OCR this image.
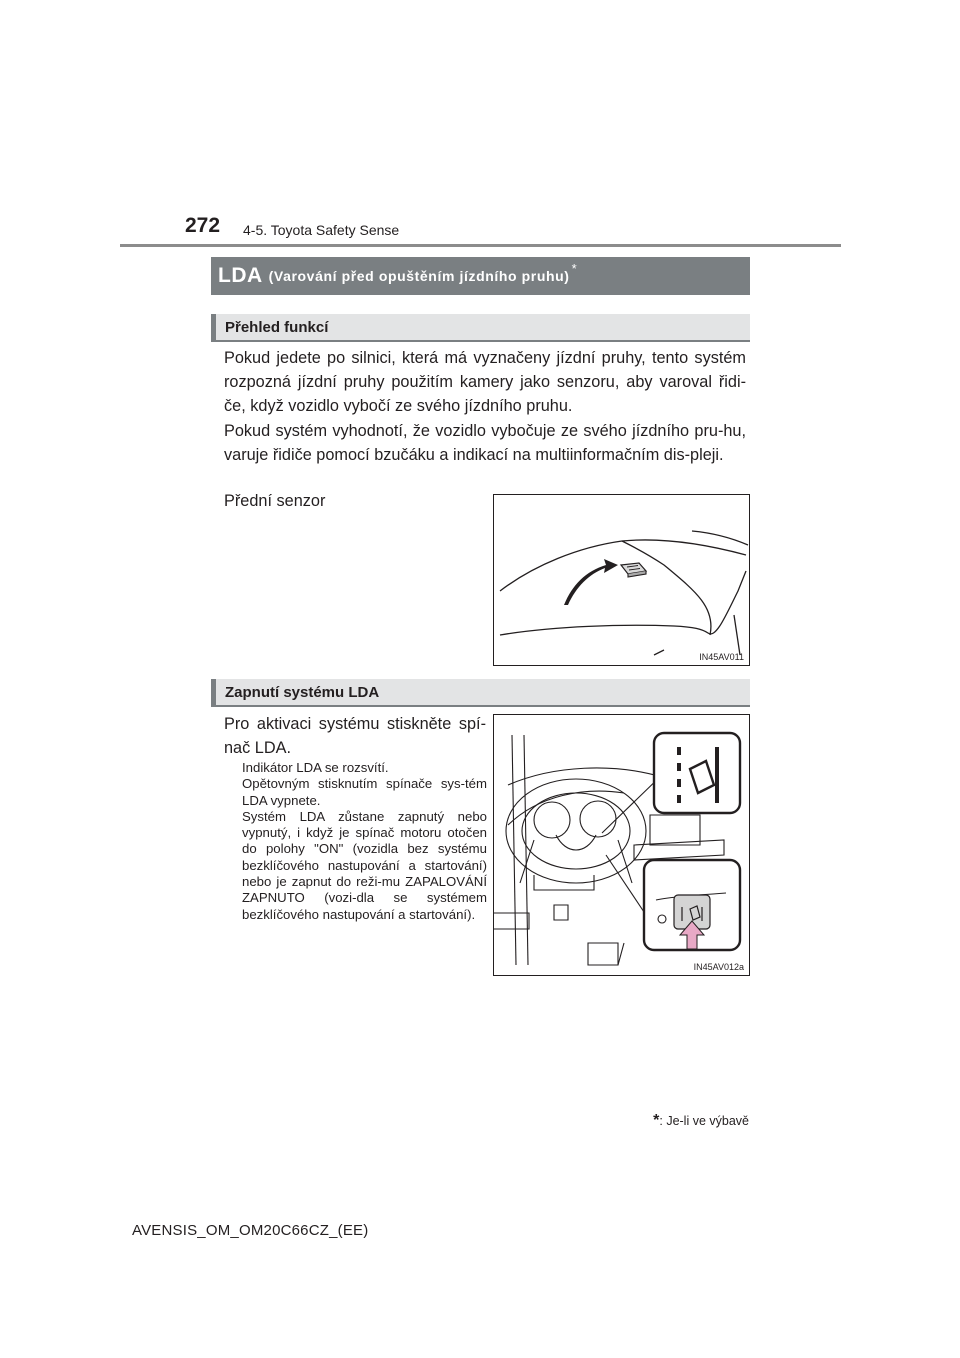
272 4-5. Toyota Safety Sense
LDA (Varování před opuštěním jízdního pruhu) *
Přehled funkcí
Pokud jedete po silnici, která má vyznačeny jízdní pruhy, tento systém rozpozná jízdní pruhy použitím kamery jako senzoru, aby varoval řidi-če, když vozidlo vybočí ze svého jízdního pruhu.
Pokud systém vyhodnotí, že vozidlo vybočuje ze svého jízdního pru-hu, varuje řidiče pomocí bzučáku a indikací na multiinformačním dis-pleji.
Přední senzor
IN45AV011
Zapnutí systému LDA
Pro aktivaci systému stiskněte spí-nač LDA.
Indikátor LDA se rozsvítí.
Opětovným stisknutím spínače sys-tém LDA vypnete.
Systém LDA zůstane zapnutý nebo vypnutý, i když je spínač motoru otočen do polohy "ON" (vozidla bez systému bezklíčového nastupování a startování) nebo je zapnut do reži-mu ZAPALOVÁNÍ ZAPNUTO (vozi-dla se systémem bezklíčového nastupování a startování).
IN45AV012a
*: Je-li ve výbavě
AVENSIS_OM_OM20C66CZ_(EE)
